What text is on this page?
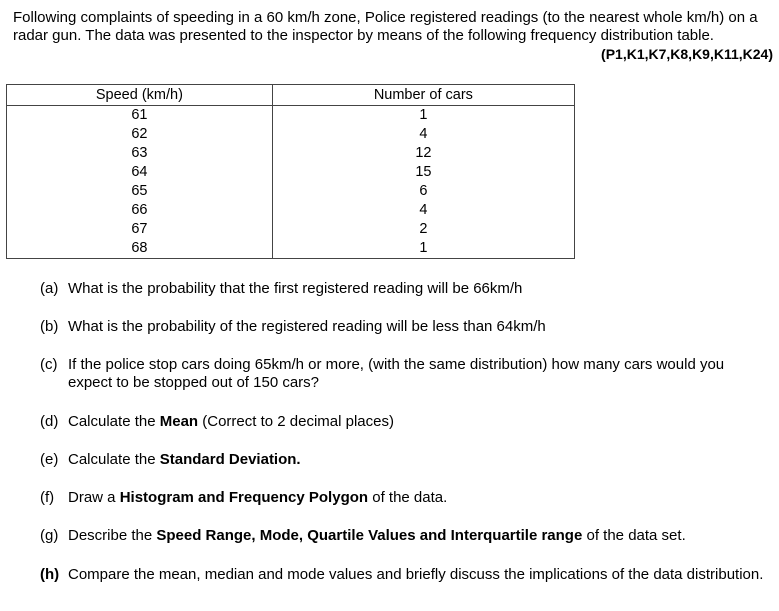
Following complaints of speeding in a 60 km/h zone, Police registered readings (to the nearest whole km/h) on a radar gun. The data was presented to the inspector by means of the following frequency distribution table.
(P1,K1,K7,K8,K9,K11,K24)
Speed (km/h)	Number of cars
61	1
62	4
63	12
64	15
65	6
66	4
67	2
68	1
(a) What is the probability that the first registered reading will be 66km/h
(b) What is the probability of the registered reading will be less than 64km/h
(c) If the police stop cars doing 65km/h or more, (with the same distribution) how many cars would you expect to be stopped out of 150 cars?
(d) Calculate the Mean (Correct to 2 decimal places)
(e) Calculate the Standard Deviation.
(f) Draw a Histogram and Frequency Polygon of the data.
(g) Describe the Speed Range, Mode, Quartile Values and Interquartile range of the data set.
(h) Compare the mean, median and mode values and briefly discuss the implications of the data distribution.
